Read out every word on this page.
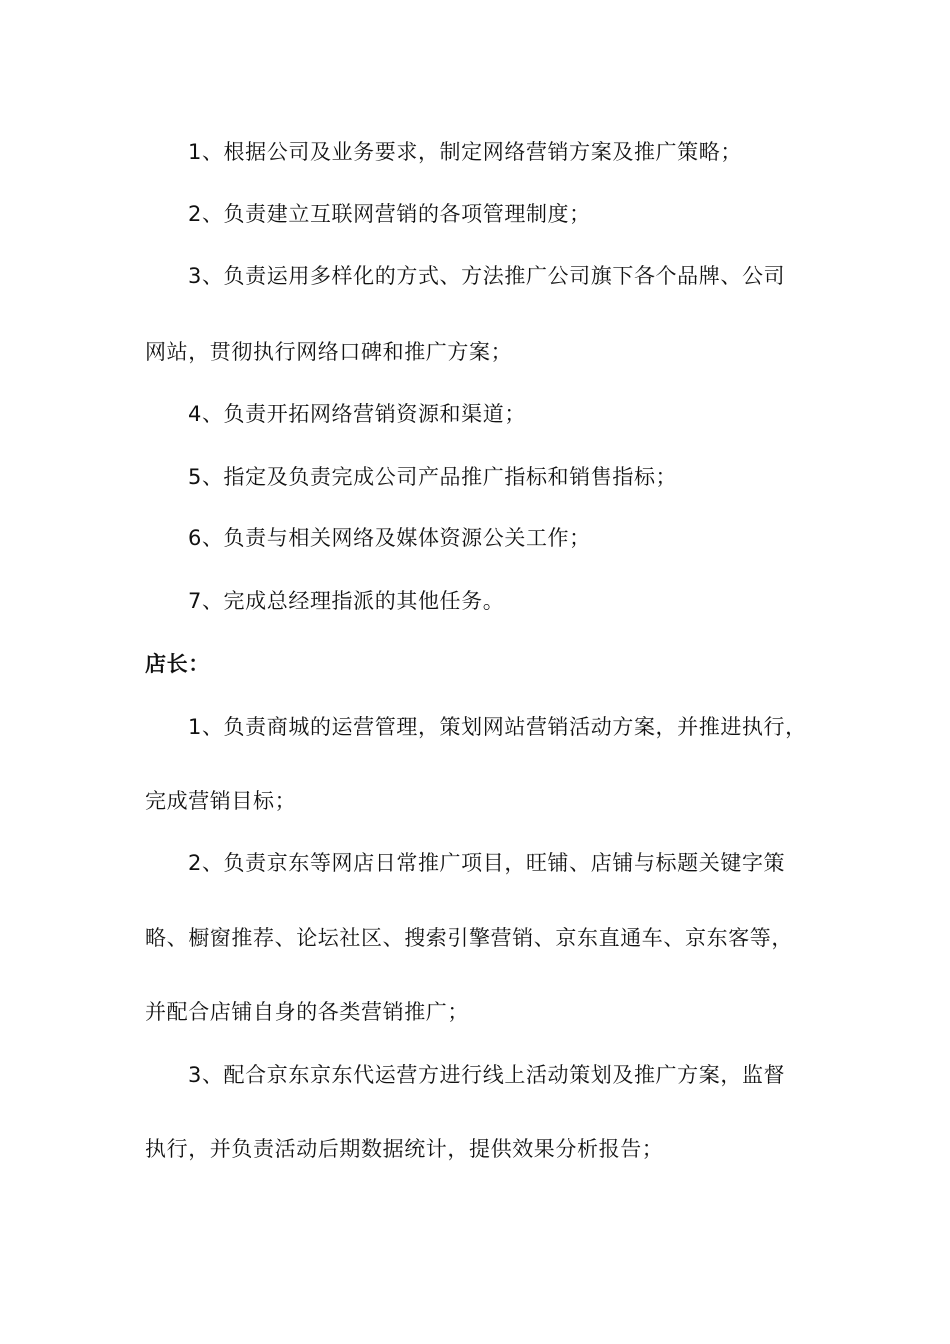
1、根据公司及业务要求，制定网络营销方案及推广策略；
2、负责建立互联网营销的各项管理制度；
3、负责运用多样化的方式、方法推广公司旗下各个品牌、公司
网站，贯彻执行网络口碑和推广方案；
4、负责开拓网络营销资源和渠道；
5、指定及负责完成公司产品推广指标和销售指标；
6、负责与相关网络及媒体资源公关工作；
7、完成总经理指派的其他任务。
店长：
1、负责商城的运营管理，策划网站营销活动方案，并推进执行，
完成营销目标；
2、负责京东等网店日常推广项目，旺铺、店铺与标题关键字策
略、橱窗推荐、论坛社区、搜索引擎营销、京东直通车、京东客等，
并配合店铺自身的各类营销推广；
3、配合京东京东代运营方进行线上活动策划及推广方案，监督
执行，并负责活动后期数据统计，提供效果分析报告；
